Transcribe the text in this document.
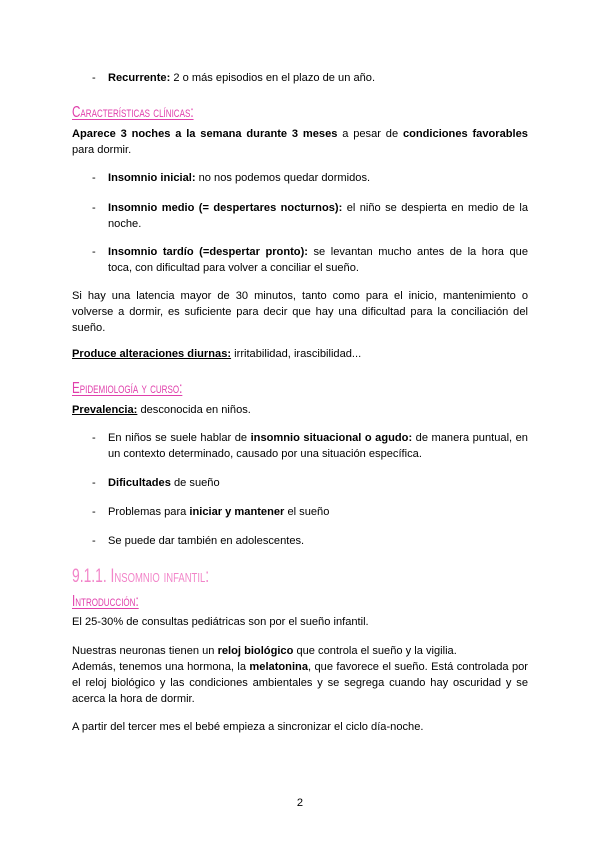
- Recurrente: 2 o más episodios en el plazo de un año.
Características clínicas:
Aparece 3 noches a la semana durante 3 meses a pesar de condiciones favorables para dormir.
- Insomnio inicial: no nos podemos quedar dormidos.
- Insomnio medio (= despertares nocturnos): el niño se despierta en medio de la noche.
- Insomnio tardío (=despertar pronto): se levantan mucho antes de la hora que toca, con dificultad para volver a conciliar el sueño.
Si hay una latencia mayor de 30 minutos, tanto como para el inicio, mantenimiento o volverse a dormir, es suficiente para decir que hay una dificultad para la conciliación del sueño.
Produce alteraciones diurnas: irritabilidad, irascibilidad...
Epidemiología y curso:
Prevalencia: desconocida en niños.
- En niños se suele hablar de insomnio situacional o agudo: de manera puntual, en un contexto determinado, causado por una situación específica.
- Dificultades de sueño
- Problemas para iniciar y mantener el sueño
- Se puede dar también en adolescentes.
9.1.1. Insomnio infantil:
Introducción:
El 25-30% de consultas pediátricas son por el sueño infantil.
Nuestras neuronas tienen un reloj biológico que controla el sueño y la vigilia.
Además, tenemos una hormona, la melatonina, que favorece el sueño. Está controlada por el reloj biológico y las condiciones ambientales y se segrega cuando hay oscuridad y se acerca la hora de dormir.
A partir del tercer mes el bebé empieza a sincronizar el ciclo día-noche.
2
